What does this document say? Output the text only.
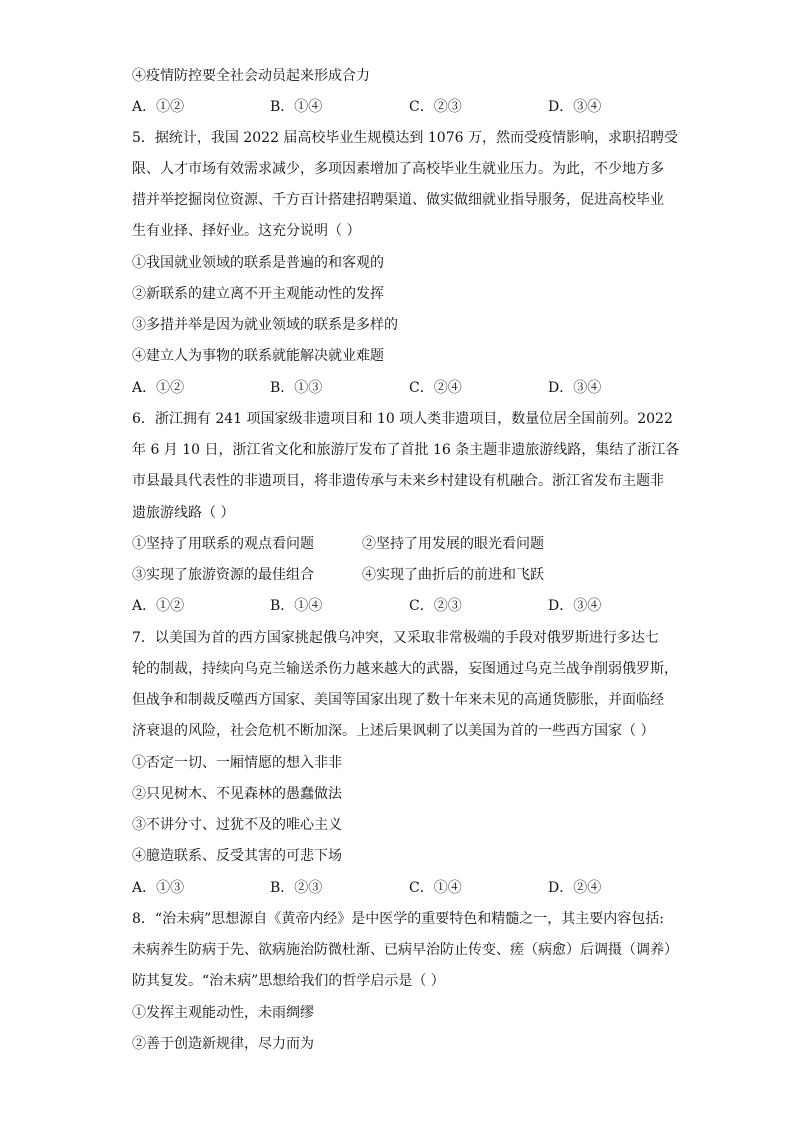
④疫情防控要全社会动员起来形成合力
A．①②	B．①④	C．②③	D．③④
5．据统计，我国 2022 届高校毕业生规模达到 1076 万，然而受疫情影响，求职招聘受
限、人才市场有效需求减少，多项因素增加了高校毕业生就业压力。为此，不少地方多
措并举挖掘岗位资源、千方百计搭建招聘渠道、做实做细就业指导服务，促进高校毕业
生有业择、择好业。这充分说明（ ）
①我国就业领域的联系是普遍的和客观的
②新联系的建立离不开主观能动性的发挥
③多措并举是因为就业领域的联系是多样的
④建立人为事物的联系就能解决就业难题
A．①②	B．①③	C．②④	D．③④
6．浙江拥有 241 项国家级非遗项目和 10 项人类非遗项目，数量位居全国前列。2022
年 6 月 10 日，浙江省文化和旅游厅发布了首批 16 条主题非遗旅游线路，集结了浙江各
市县最具代表性的非遗项目，将非遗传承与未来乡村建设有机融合。浙江省发布主题非
遗旅游线路（ ）
①坚持了用联系的观点看问题	②坚持了用发展的眼光看问题
③实现了旅游资源的最佳组合	④实现了曲折后的前进和飞跃
A．①②	B．①④	C．②③	D．③④
7．以美国为首的西方国家挑起俄乌冲突，又采取非常极端的手段对俄罗斯进行多达七
轮的制裁，持续向乌克兰输送杀伤力越来越大的武器，妄图通过乌克兰战争削弱俄罗斯，
但战争和制裁反噬西方国家、美国等国家出现了数十年来未见的高通货膨胀，并面临经
济衰退的风险，社会危机不断加深。上述后果讽刺了以美国为首的一些西方国家（ ）
①否定一切、一厢情愿的想入非非
②只见树木、不见森林的愚蠢做法
③不讲分寸、过犹不及的唯心主义
④臆造联系、反受其害的可悲下场
A．①③	B．②③	C．①④	D．②④
8．“治未病”思想源自《黄帝内经》是中医学的重要特色和精髓之一，其主要内容包括:
未病养生防病于先、欲病施治防微杜渐、已病早治防止传变、瘥（病愈）后调摄（调养）
防其复发。“治未病”思想给我们的哲学启示是（ ）
①发挥主观能动性，未雨绸缪
②善于创造新规律，尽力而为
